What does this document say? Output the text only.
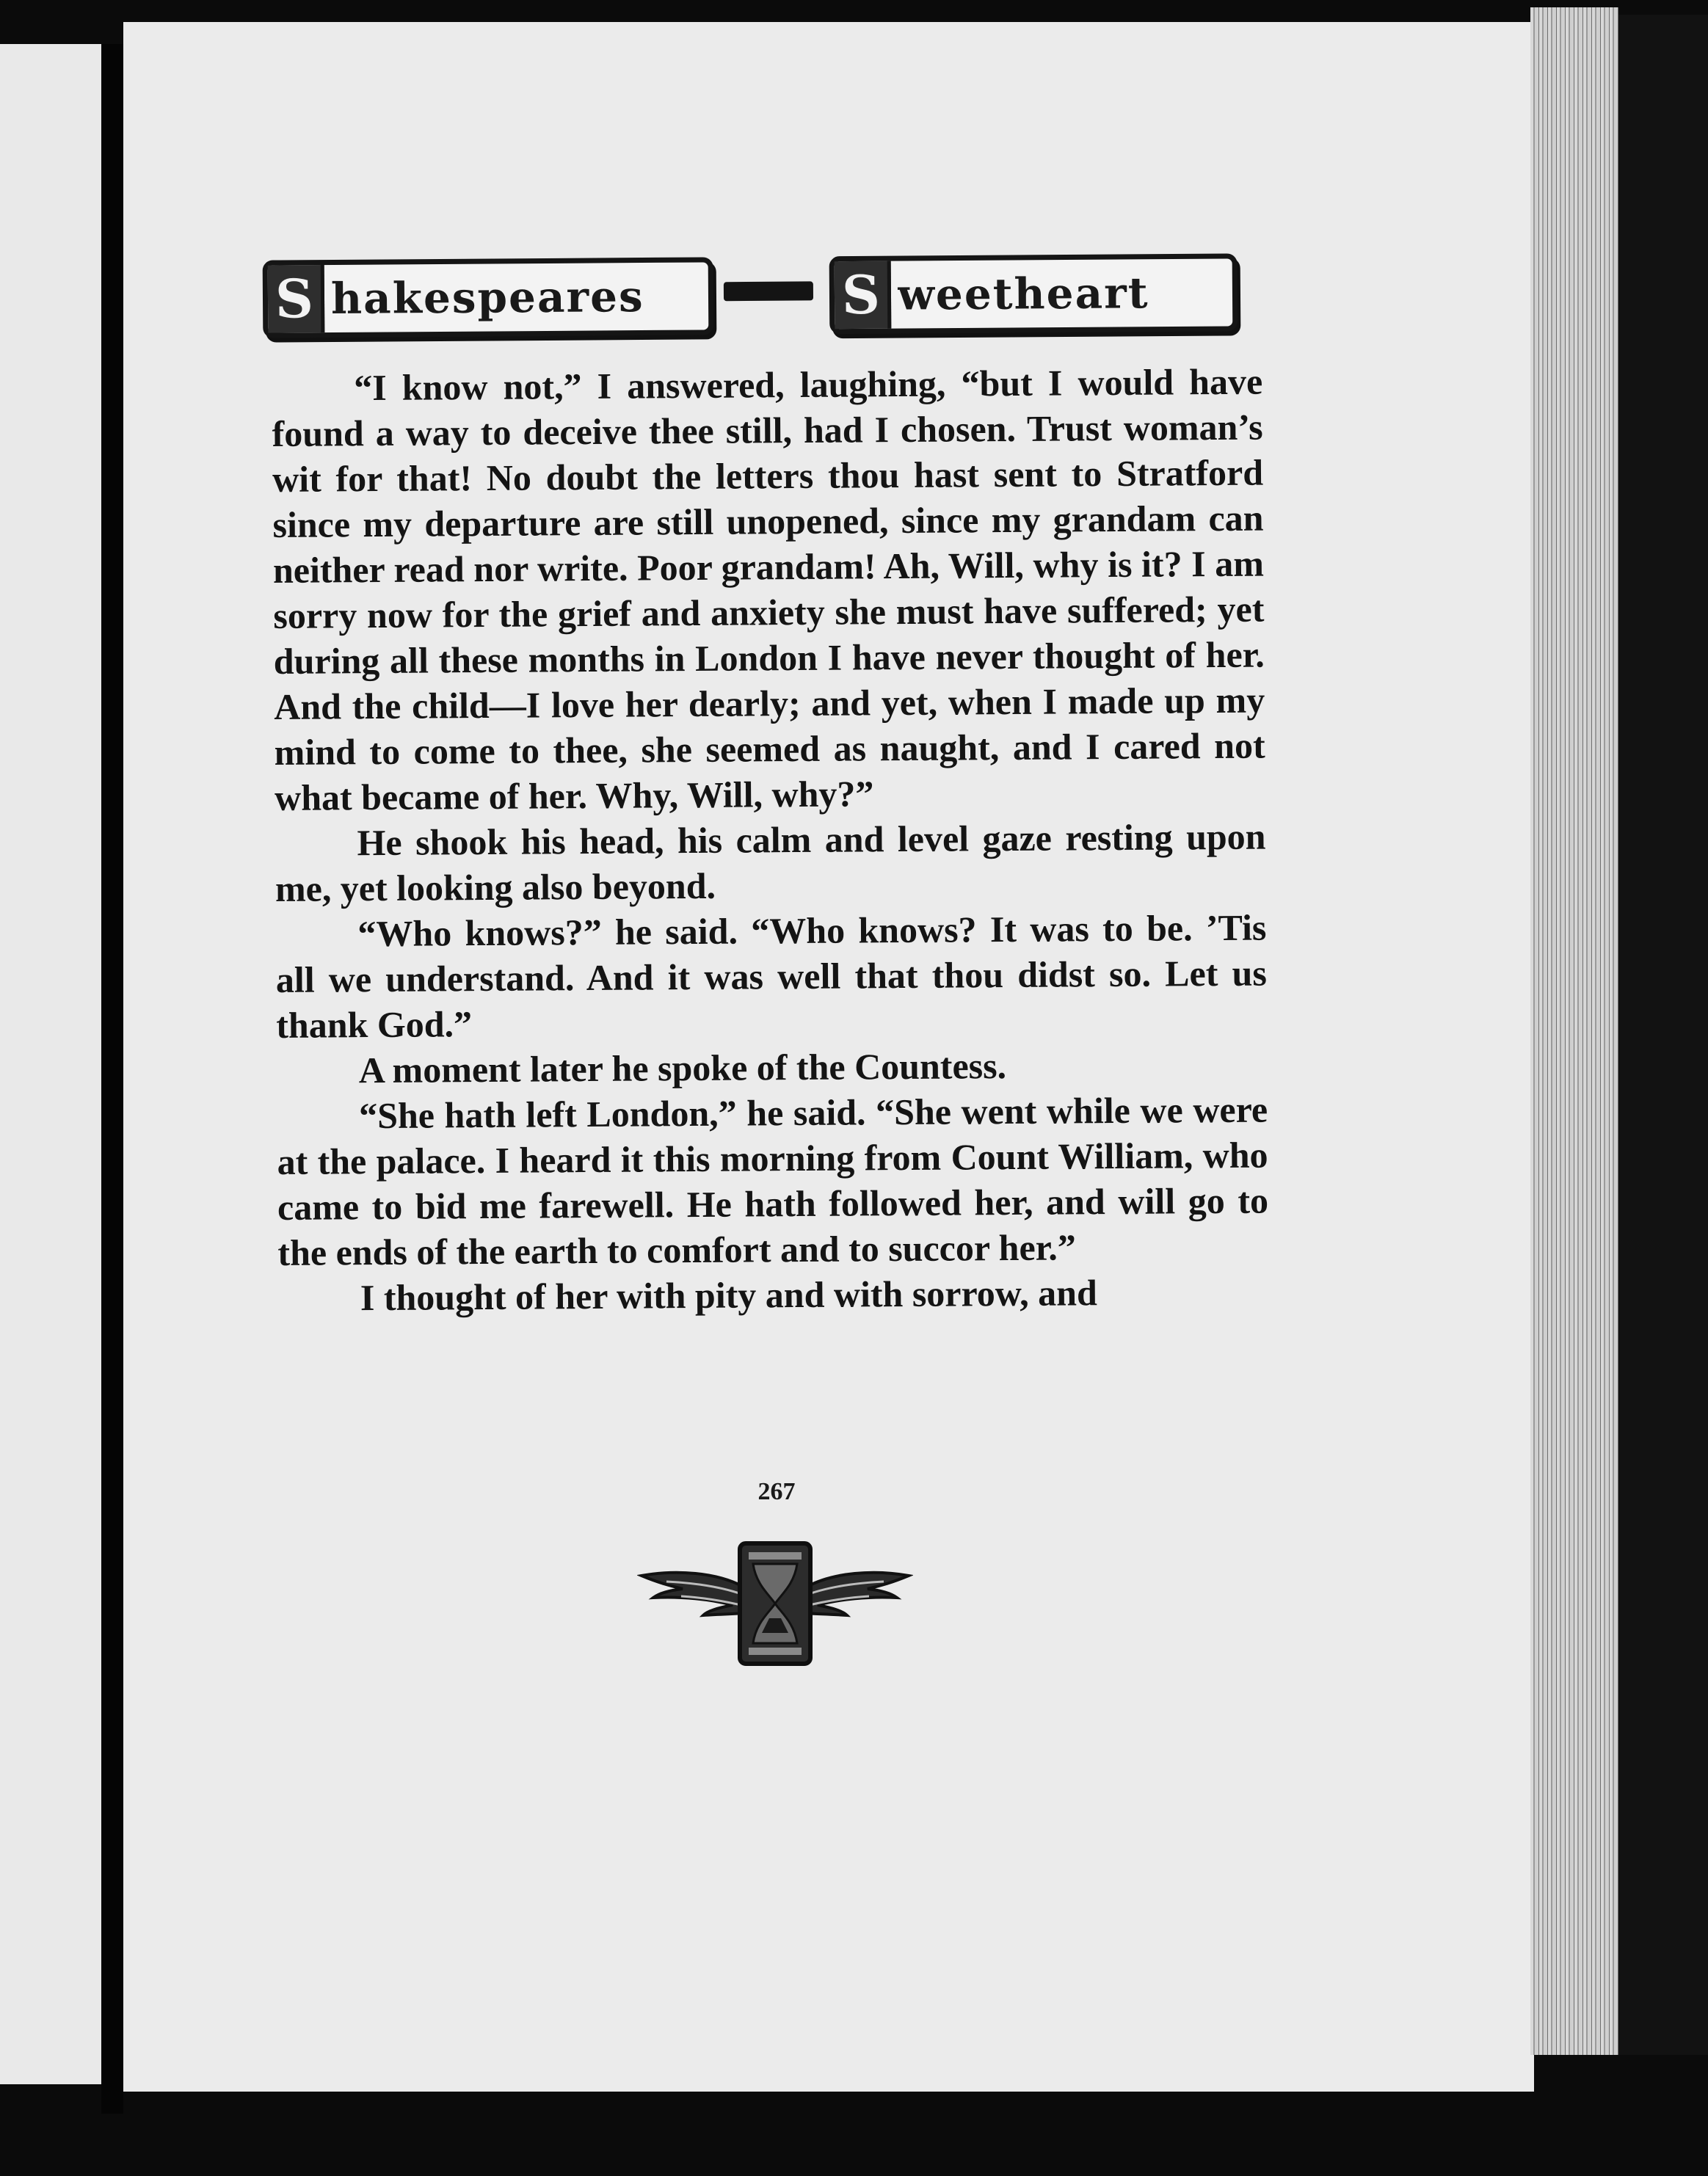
S hakespeares	S weetheart

“I know not,” I answered, laughing, “but I would have found a way to deceive thee still, had I chosen. Trust woman’s wit for that! No doubt the letters thou hast sent to Stratford since my departure are still unopened, since my grandam can neither read nor write. Poor grandam! Ah, Will, why is it? I am sorry now for the grief and anxiety she must have suffered; yet during all these months in London I have never thought of her. And the child—I love her dearly; and yet, when I made up my mind to come to thee, she seemed as naught, and I cared not what became of her. Why, Will, why?”

He shook his head, his calm and level gaze resting upon me, yet looking also beyond.

“Who knows?” he said. “Who knows? It was to be. ’Tis all we understand. And it was well that thou didst so. Let us thank God.”

A moment later he spoke of the Countess.

“She hath left London,” he said. “She went while we were at the palace. I heard it this morning from Count William, who came to bid me farewell. He hath followed her, and will go to the ends of the earth to comfort and to succor her.”

I thought of her with pity and with sorrow, and

267
